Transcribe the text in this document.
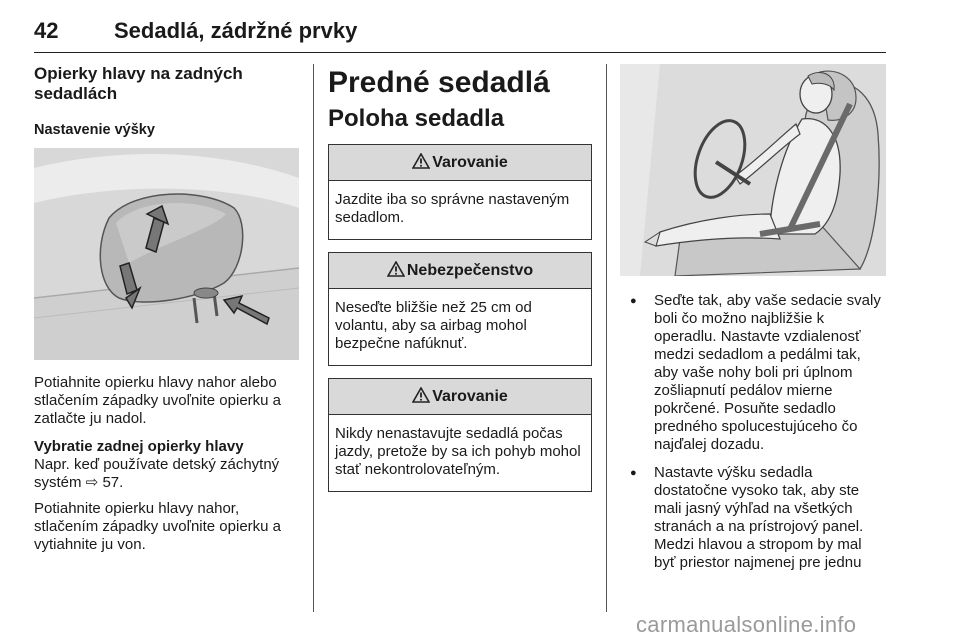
42	Sedadlá, zádržné prvky
Opierky hlavy na zadných sedadlách
Nastavenie výšky

Potiahnite opierku hlavy nahor alebo stlačením západky uvoľnite opierku a zatlačte ju nadol.

Vybratie zadnej opierky hlavy
Napr. keď používate detský záchytný systém ⇨ 57.

Potiahnite opierku hlavy nahor, stlačením západky uvoľnite opierku a vytiahnite ju von.

Predné sedadlá
Poloha sedadla
Varovanie
Jazdite iba so správne nastaveným sedadlom.
Nebezpečenstvo
Neseďte bližšie než 25 cm od volantu, aby sa airbag mohol bezpečne nafúknuť.
Varovanie
Nikdy nenastavujte sedadlá počas jazdy, pretože by sa ich pohyb mohol stať nekontrolovateľným.
● Seďte tak, aby vaše sedacie svaly boli čo možno najbližšie k operadlu. Nastavte vzdialenosť medzi sedadlom a pedálmi tak, aby vaše nohy boli pri úplnom zošliapnutí pedálov mierne pokrčené. Posuňte sedadlo predného spolucestujúceho čo najďalej dozadu.
● Nastavte výšku sedadla dostatočne vysoko tak, aby ste mali jasný výhľad na všetkých stranách a na prístrojový panel. Medzi hlavou a stropom by mal byť priestor najmenej pre jednu
carmanualsonline.info
